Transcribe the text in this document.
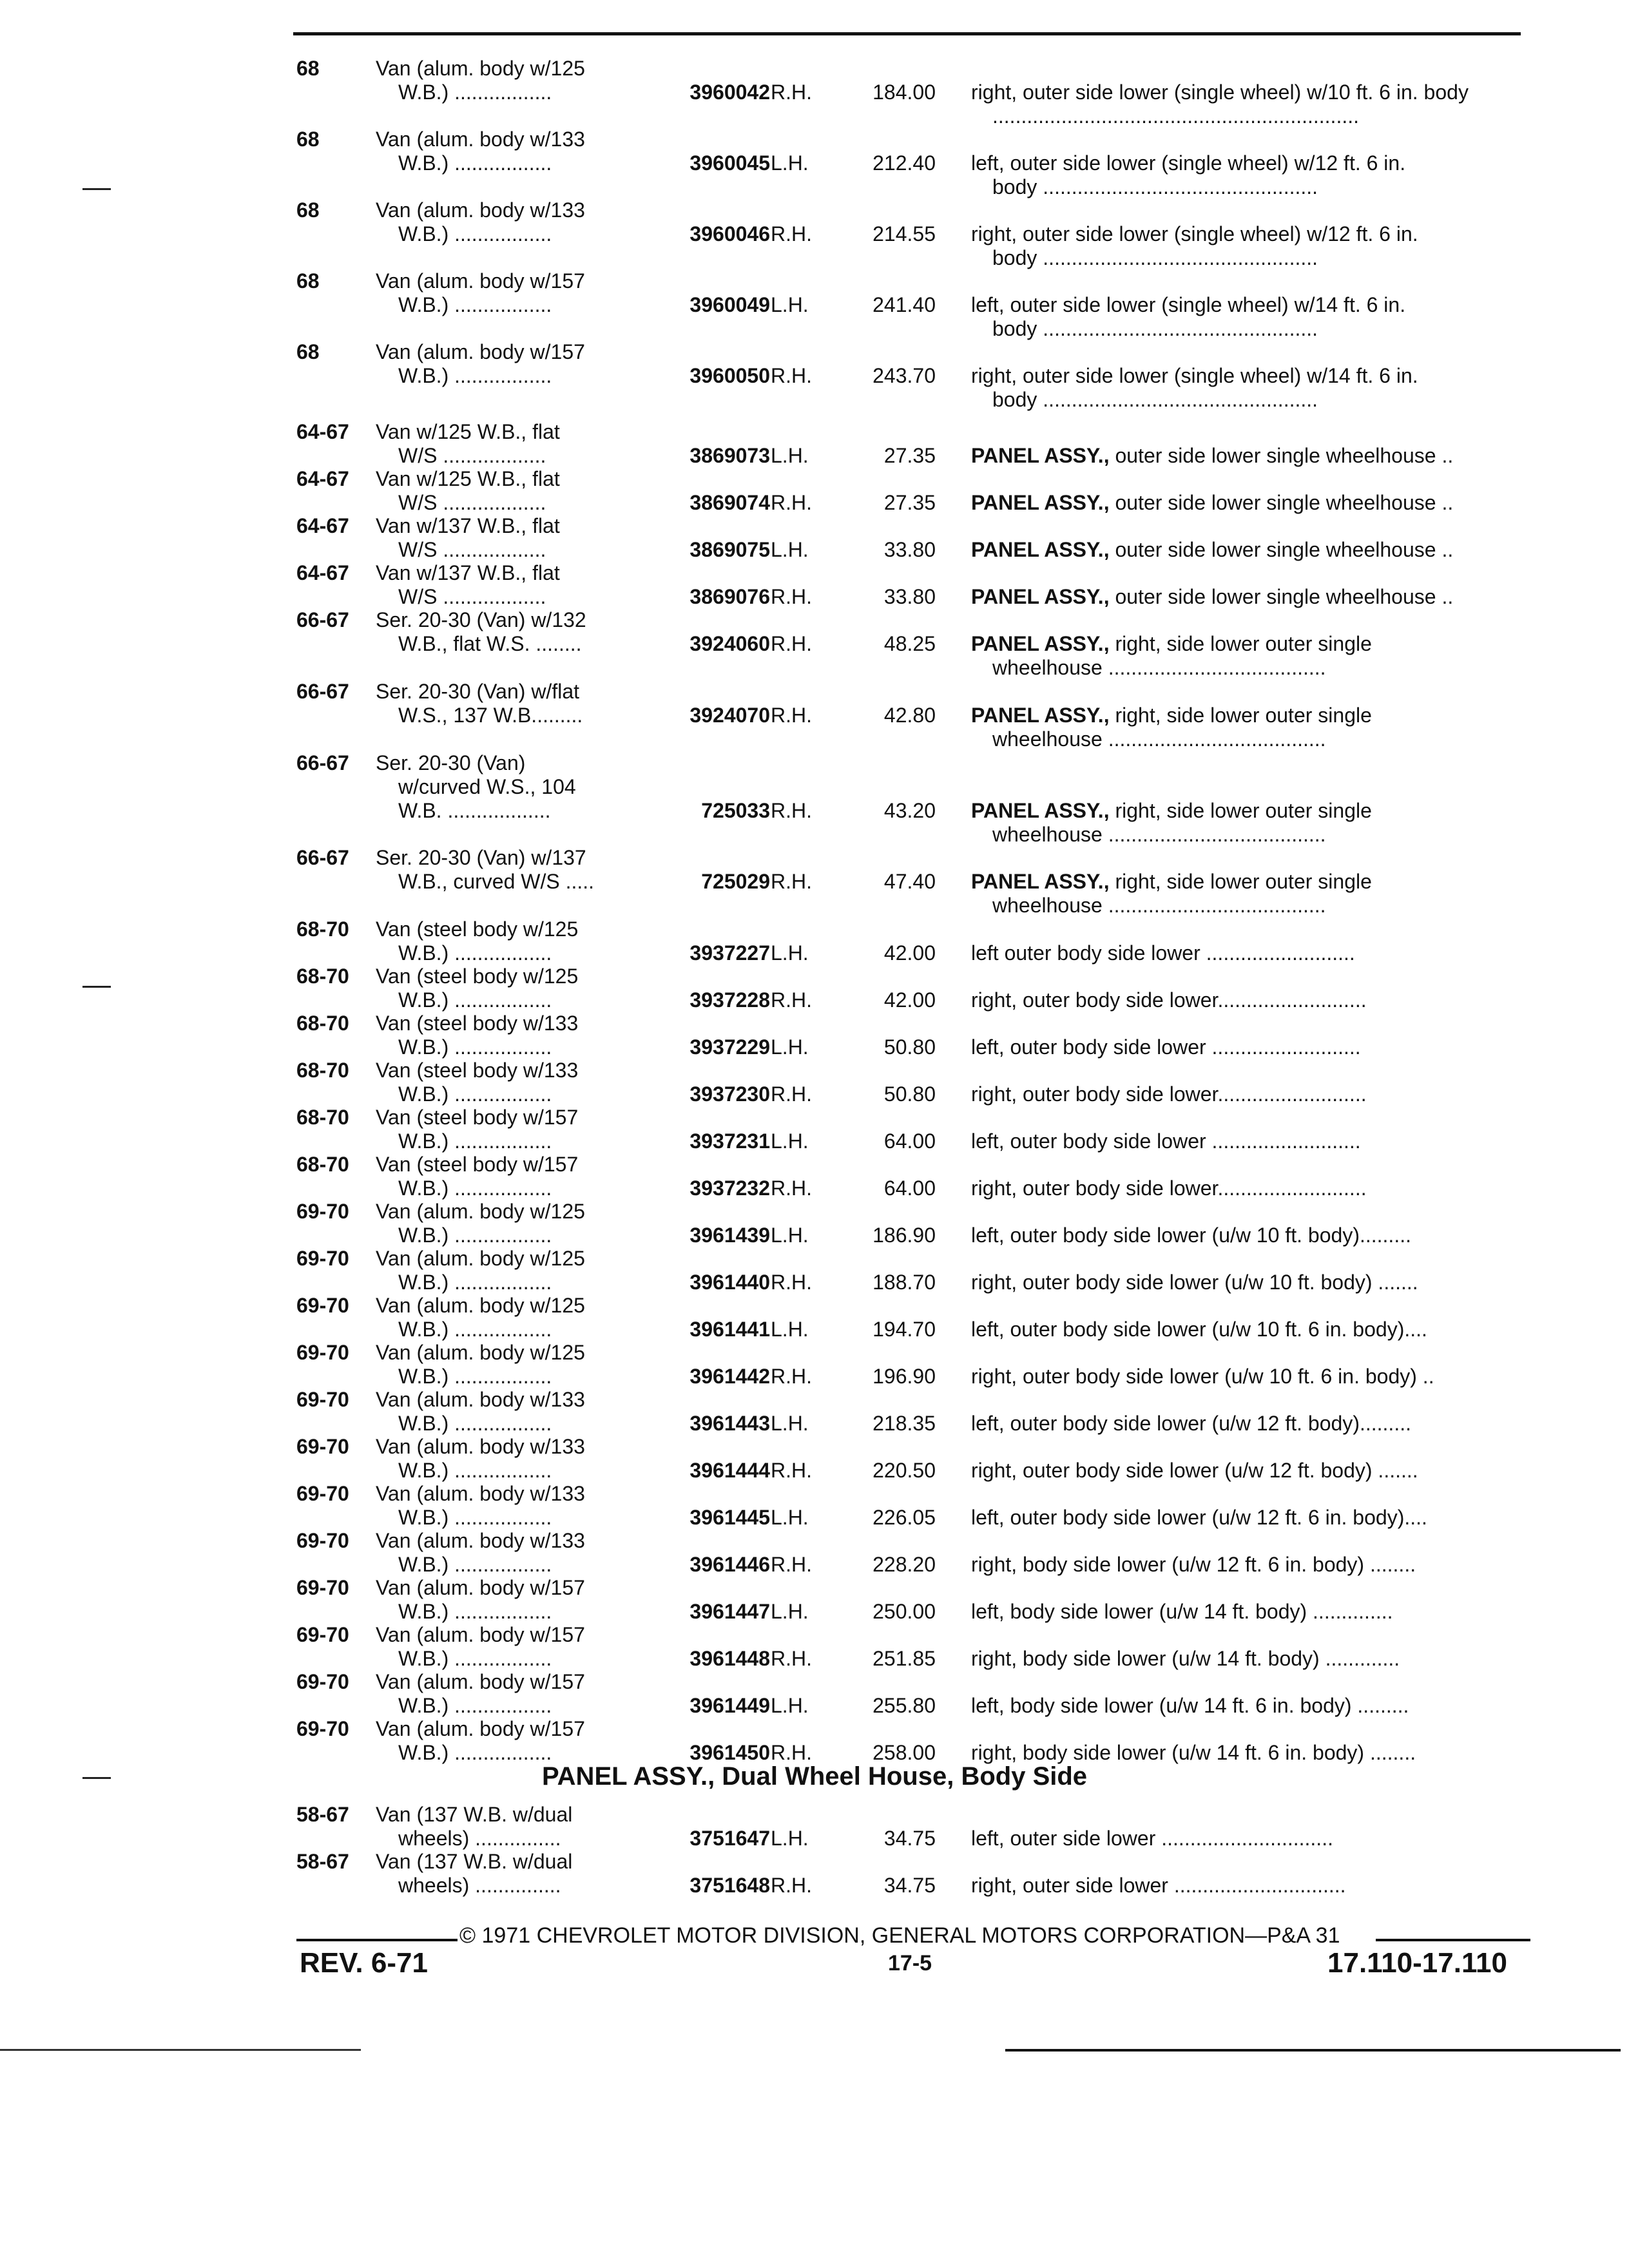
68	Van (alum. body w/125
W.B.) .................	3960042 R.H.	184.00 right, outer side lower (single wheel) w/10 ft. 6 in. body
................................................................
68	Van (alum. body w/133
W.B.) .................	3960045 L.H.	212.40 left, outer side lower (single wheel) w/12 ft. 6 in.
body ................................................
68	Van (alum. body w/133
W.B.) .................	3960046 R.H.	214.55 right, outer side lower (single wheel) w/12 ft. 6 in.
body ................................................
68	Van (alum. body w/157
W.B.) .................	3960049 L.H.	241.40 left, outer side lower (single wheel) w/14 ft. 6 in.
body ................................................
68	Van (alum. body w/157
W.B.) .................	3960050 R.H.	243.70 right, outer side lower (single wheel) w/14 ft. 6 in.
body ................................................
64-67 Van w/125 W.B., flat
W/S ..................	3869073 L.H.	27.35 PANEL ASSY., outer side lower single wheelhouse ..
64-67 Van w/125 W.B., flat
W/S ..................	3869074 R.H.	27.35 PANEL ASSY., outer side lower single wheelhouse ..
64-67 Van w/137 W.B., flat
W/S ..................	3869075 L.H.	33.80 PANEL ASSY., outer side lower single wheelhouse ..
64-67 Van w/137 W.B., flat
W/S ..................	3869076 R.H.	33.80 PANEL ASSY., outer side lower single wheelhouse ..
66-67 Ser. 20-30 (Van) w/132
W.B., flat W.S. ........	3924060 R.H.	48.25 PANEL ASSY., right, side lower outer single
wheelhouse ......................................
66-67 Ser. 20-30 (Van) w/flat
W.S., 137 W.B.........	3924070 R.H.	42.80 PANEL ASSY., right, side lower outer single
wheelhouse ......................................
66-67 Ser. 20-30 (Van)
w/curved W.S., 104
W.B. ..................	725033 R.H.	43.20 PANEL ASSY., right, side lower outer single
wheelhouse ......................................
66-67 Ser. 20-30 (Van) w/137
W.B., curved W/S .....	725029 R.H.	47.40 PANEL ASSY., right, side lower outer single
wheelhouse ......................................
68-70 Van (steel body w/125
W.B.) .................	3937227 L.H.	42.00 left outer body side lower ..........................
68-70 Van (steel body w/125
W.B.) .................	3937228 R.H.	42.00 right, outer body side lower..........................
68-70 Van (steel body w/133
W.B.) .................	3937229 L.H.	50.80 left, outer body side lower ..........................
68-70 Van (steel body w/133
W.B.) .................	3937230 R.H.	50.80 right, outer body side lower..........................
68-70 Van (steel body w/157
W.B.) .................	3937231 L.H.	64.00 left, outer body side lower ..........................
68-70 Van (steel body w/157
W.B.) .................	3937232 R.H.	64.00 right, outer body side lower..........................
69-70 Van (alum. body w/125
W.B.) .................	3961439 L.H.	186.90 left, outer body side lower (u/w 10 ft. body).........
69-70 Van (alum. body w/125
W.B.) .................	3961440 R.H.	188.70 right, outer body side lower (u/w 10 ft. body) .......
69-70 Van (alum. body w/125
W.B.) .................	3961441 L.H.	194.70 left, outer body side lower (u/w 10 ft. 6 in. body)....
69-70 Van (alum. body w/125
W.B.) .................	3961442 R.H.	196.90 right, outer body side lower (u/w 10 ft. 6 in. body) ..
69-70 Van (alum. body w/133
W.B.) .................	3961443 L.H.	218.35 left, outer body side lower (u/w 12 ft. body).........
69-70 Van (alum. body w/133
W.B.) .................	3961444 R.H.	220.50 right, outer body side lower (u/w 12 ft. body) .......
69-70 Van (alum. body w/133
W.B.) .................	3961445 L.H.	226.05 left, outer body side lower (u/w 12 ft. 6 in. body)....
69-70 Van (alum. body w/133
W.B.) .................	3961446 R.H.	228.20 right, body side lower (u/w 12 ft. 6 in. body) ........
69-70 Van (alum. body w/157
W.B.) .................	3961447 L.H.	250.00 left, body side lower (u/w 14 ft. body) ..............
69-70 Van (alum. body w/157
W.B.) .................	3961448 R.H.	251.85 right, body side lower (u/w 14 ft. body) .............
69-70 Van (alum. body w/157
W.B.) .................	3961449 L.H.	255.80 left, body side lower (u/w 14 ft. 6 in. body) .........
69-70 Van (alum. body w/157
W.B.) .................	3961450 R.H.	258.00 right, body side lower (u/w 14 ft. 6 in. body) ........
PANEL ASSY., Dual Wheel House, Body Side
58-67 Van (137 W.B. w/dual
wheels) ...............	3751647 L.H.	34.75 left, outer side lower ..............................
58-67 Van (137 W.B. w/dual
wheels) ...............	3751648 R.H.	34.75 right, outer side lower ..............................
© 1971 CHEVROLET MOTOR DIVISION, GENERAL MOTORS CORPORATION—P&A 31
REV. 6-71	17-5	17.110-17.110
